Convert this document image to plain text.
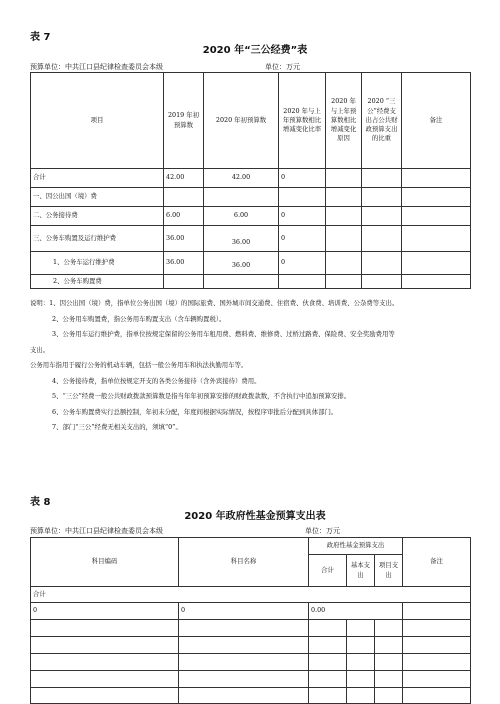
表 7
2020 年“三公经费”表
预算单位：中共江口县纪律检查委员会本级	单位：万元
项目	2019 年初预算数	2020 年初预算数	2020 年与上年预算数相比增减变化比率	2020 年与上年预算数相比增减变化原因	2020 “三公”经费支出占公共财政预算支出的比重	备注
合计	42.00	42.00	0			
一、因公出国（境）费						
二、公务接待费	6.00	6.00	0			
三、公务车购置及运行维护费	36.00	36.00	0			
1、公务车运行维护费	36.00	36.00	0			
2、公务车购置费						
说明：1、因公出国（境）费，指单位公务出国（境）的国际旅费、国外城市间交通费、住宿费、伙食费、培训费、公杂费等支出。
2、公务用车购置费，指公务用车购置支出（含车辆购置税）。
3、公务用车运行维护费，指单位按规定保留的公务用车租用费、燃料费、维修费、过桥过路费、保险费、安全奖励费用等
支出。
公务用车指用于履行公务的机动车辆，包括一般公务用车和执法执勤用车等。
4、公务接待费，指单位按规定开支的各类公务接待（含外宾接待）费用。
5、“三公”经费一般公共财政拨款预算数是指当年年初预算安排的财政拨款数，不含执行中追加预算安排。
6、公务车购置费实行总额控制，年初未分配，年度间根据实际情况，按程序审批后分配到具体部门。
7、部门“三公”经费无相关支出的，须填“0”。
表 8
2020 年政府性基金预算支出表
预算单位：中共江口县纪律检查委员会本级	单位：万元
科目编码	科目名称	政府性基金预算支出			备注
		合计	基本支出	项目支出	
合计					
0	0	0.00			
